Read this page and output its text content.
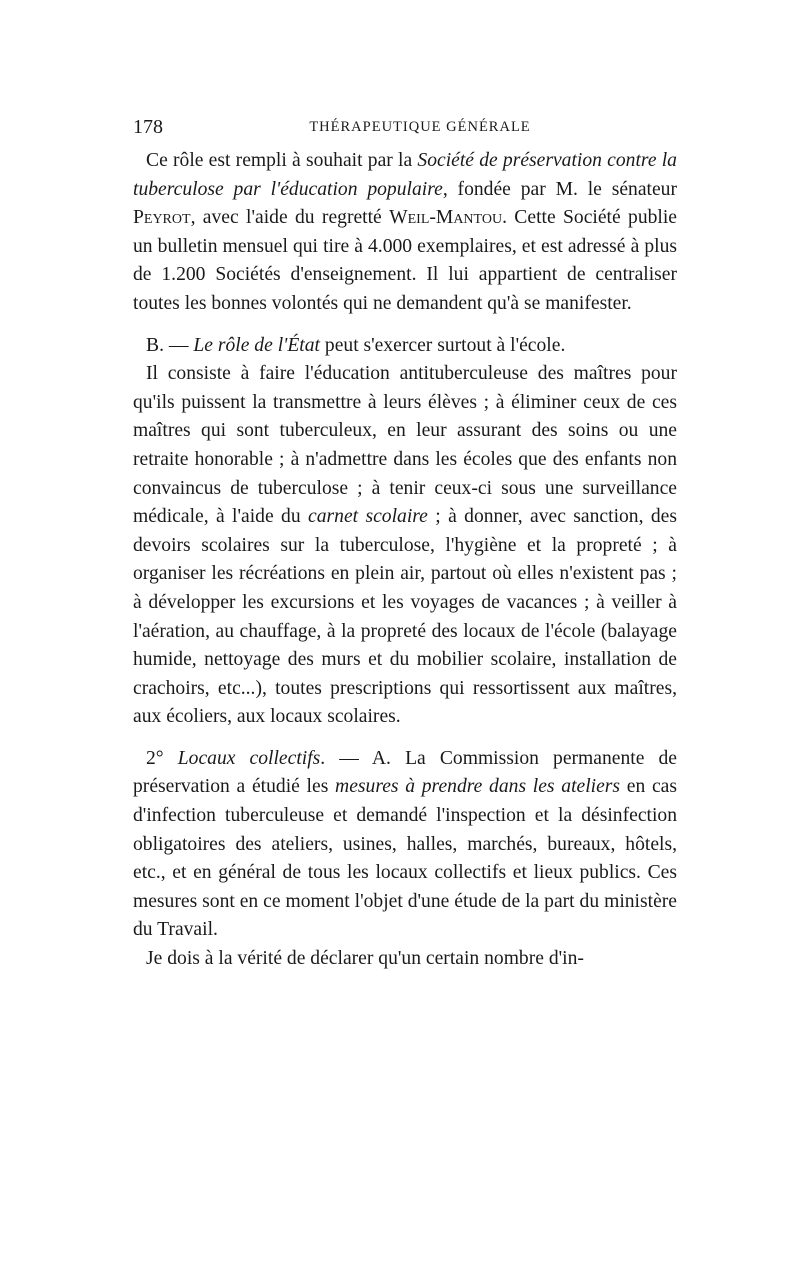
178	THÉRAPEUTIQUE GÉNÉRALE

Ce rôle est rempli à souhait par la Société de préservation contre la tuberculose par l'éducation populaire, fondée par M. le sénateur Peyrot, avec l'aide du regretté Weil-Mantou. Cette Société publie un bulletin mensuel qui tire à 4.000 exemplaires, et est adressé à plus de 1.200 Sociétés d'enseignement. Il lui appartient de centraliser toutes les bonnes volontés qui ne demandent qu'à se manifester.

B. — Le rôle de l'État peut s'exercer surtout à l'école.

Il consiste à faire l'éducation antituberculeuse des maîtres pour qu'ils puissent la transmettre à leurs élèves ; à éliminer ceux de ces maîtres qui sont tuberculeux, en leur assurant des soins ou une retraite honorable ; à n'admettre dans les écoles que des enfants non convaincus de tuberculose ; à tenir ceux-ci sous une surveillance médicale, à l'aide du carnet scolaire ; à donner, avec sanction, des devoirs scolaires sur la tuberculose, l'hygiène et la propreté ; à organiser les récréations en plein air, partout où elles n'existent pas ; à développer les excursions et les voyages de vacances ; à veiller à l'aération, au chauffage, à la propreté des locaux de l'école (balayage humide, nettoyage des murs et du mobilier scolaire, installation de crachoirs, etc...), toutes prescriptions qui ressortissent aux maîtres, aux écoliers, aux locaux scolaires.

2° Locaux collectifs. — A. La Commission permanente de préservation a étudié les mesures à prendre dans les ateliers en cas d'infection tuberculeuse et demandé l'inspection et la désinfection obligatoires des ateliers, usines, halles, marchés, bureaux, hôtels, etc., et en général de tous les locaux collectifs et lieux publics. Ces mesures sont en ce moment l'objet d'une étude de la part du ministère du Travail.

Je dois à la vérité de déclarer qu'un certain nombre d'in-
